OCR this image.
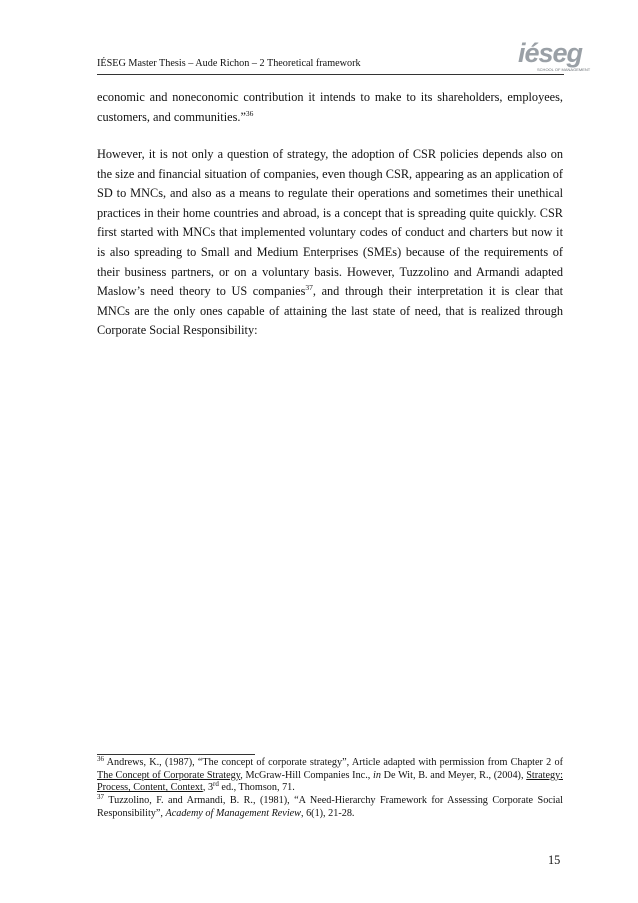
IÉSEG Master Thesis – Aude Richon – 2 Theoretical framework	iéseg
SCHOOL OF MANAGEMENT

economic and noneconomic contribution it intends to make to its shareholders, employees, customers, and communities.”$^{36}$

However, it is not only a question of strategy, the adoption of CSR policies depends also on the size and financial situation of companies, even though CSR, appearing as an application of SD to MNCs, and also as a means to regulate their operations and sometimes their unethical practices in their home countries and abroad, is a concept that is spreading quite quickly. CSR first started with MNCs that implemented voluntary codes of conduct and charters but now it is also spreading to Small and Medium Enterprises (SMEs) because of the requirements of their business partners, or on a voluntary basis. However, Tuzzolino and Armandi adapted Maslow’s need theory to US companies$^{37}$, and through their interpretation it is clear that MNCs are the only ones capable of attaining the last state of need, that is realized through Corporate Social Responsibility:

$^{36}$ Andrews, K., (1987), “The concept of corporate strategy”, Article adapted with permission from Chapter 2 of The Concept of Corporate Strategy, McGraw-Hill Companies Inc., in De Wit, B. and Meyer, R., (2004), Strategy: Process, Content, Context, 3rd ed., Thomson, 71.

$^{37}$ Tuzzolino, F. and Armandi, B. R., (1981), “A Need-Hierarchy Framework for Assessing Corporate Social Responsibility”, Academy of Management Review, 6(1), 21-28.

15
